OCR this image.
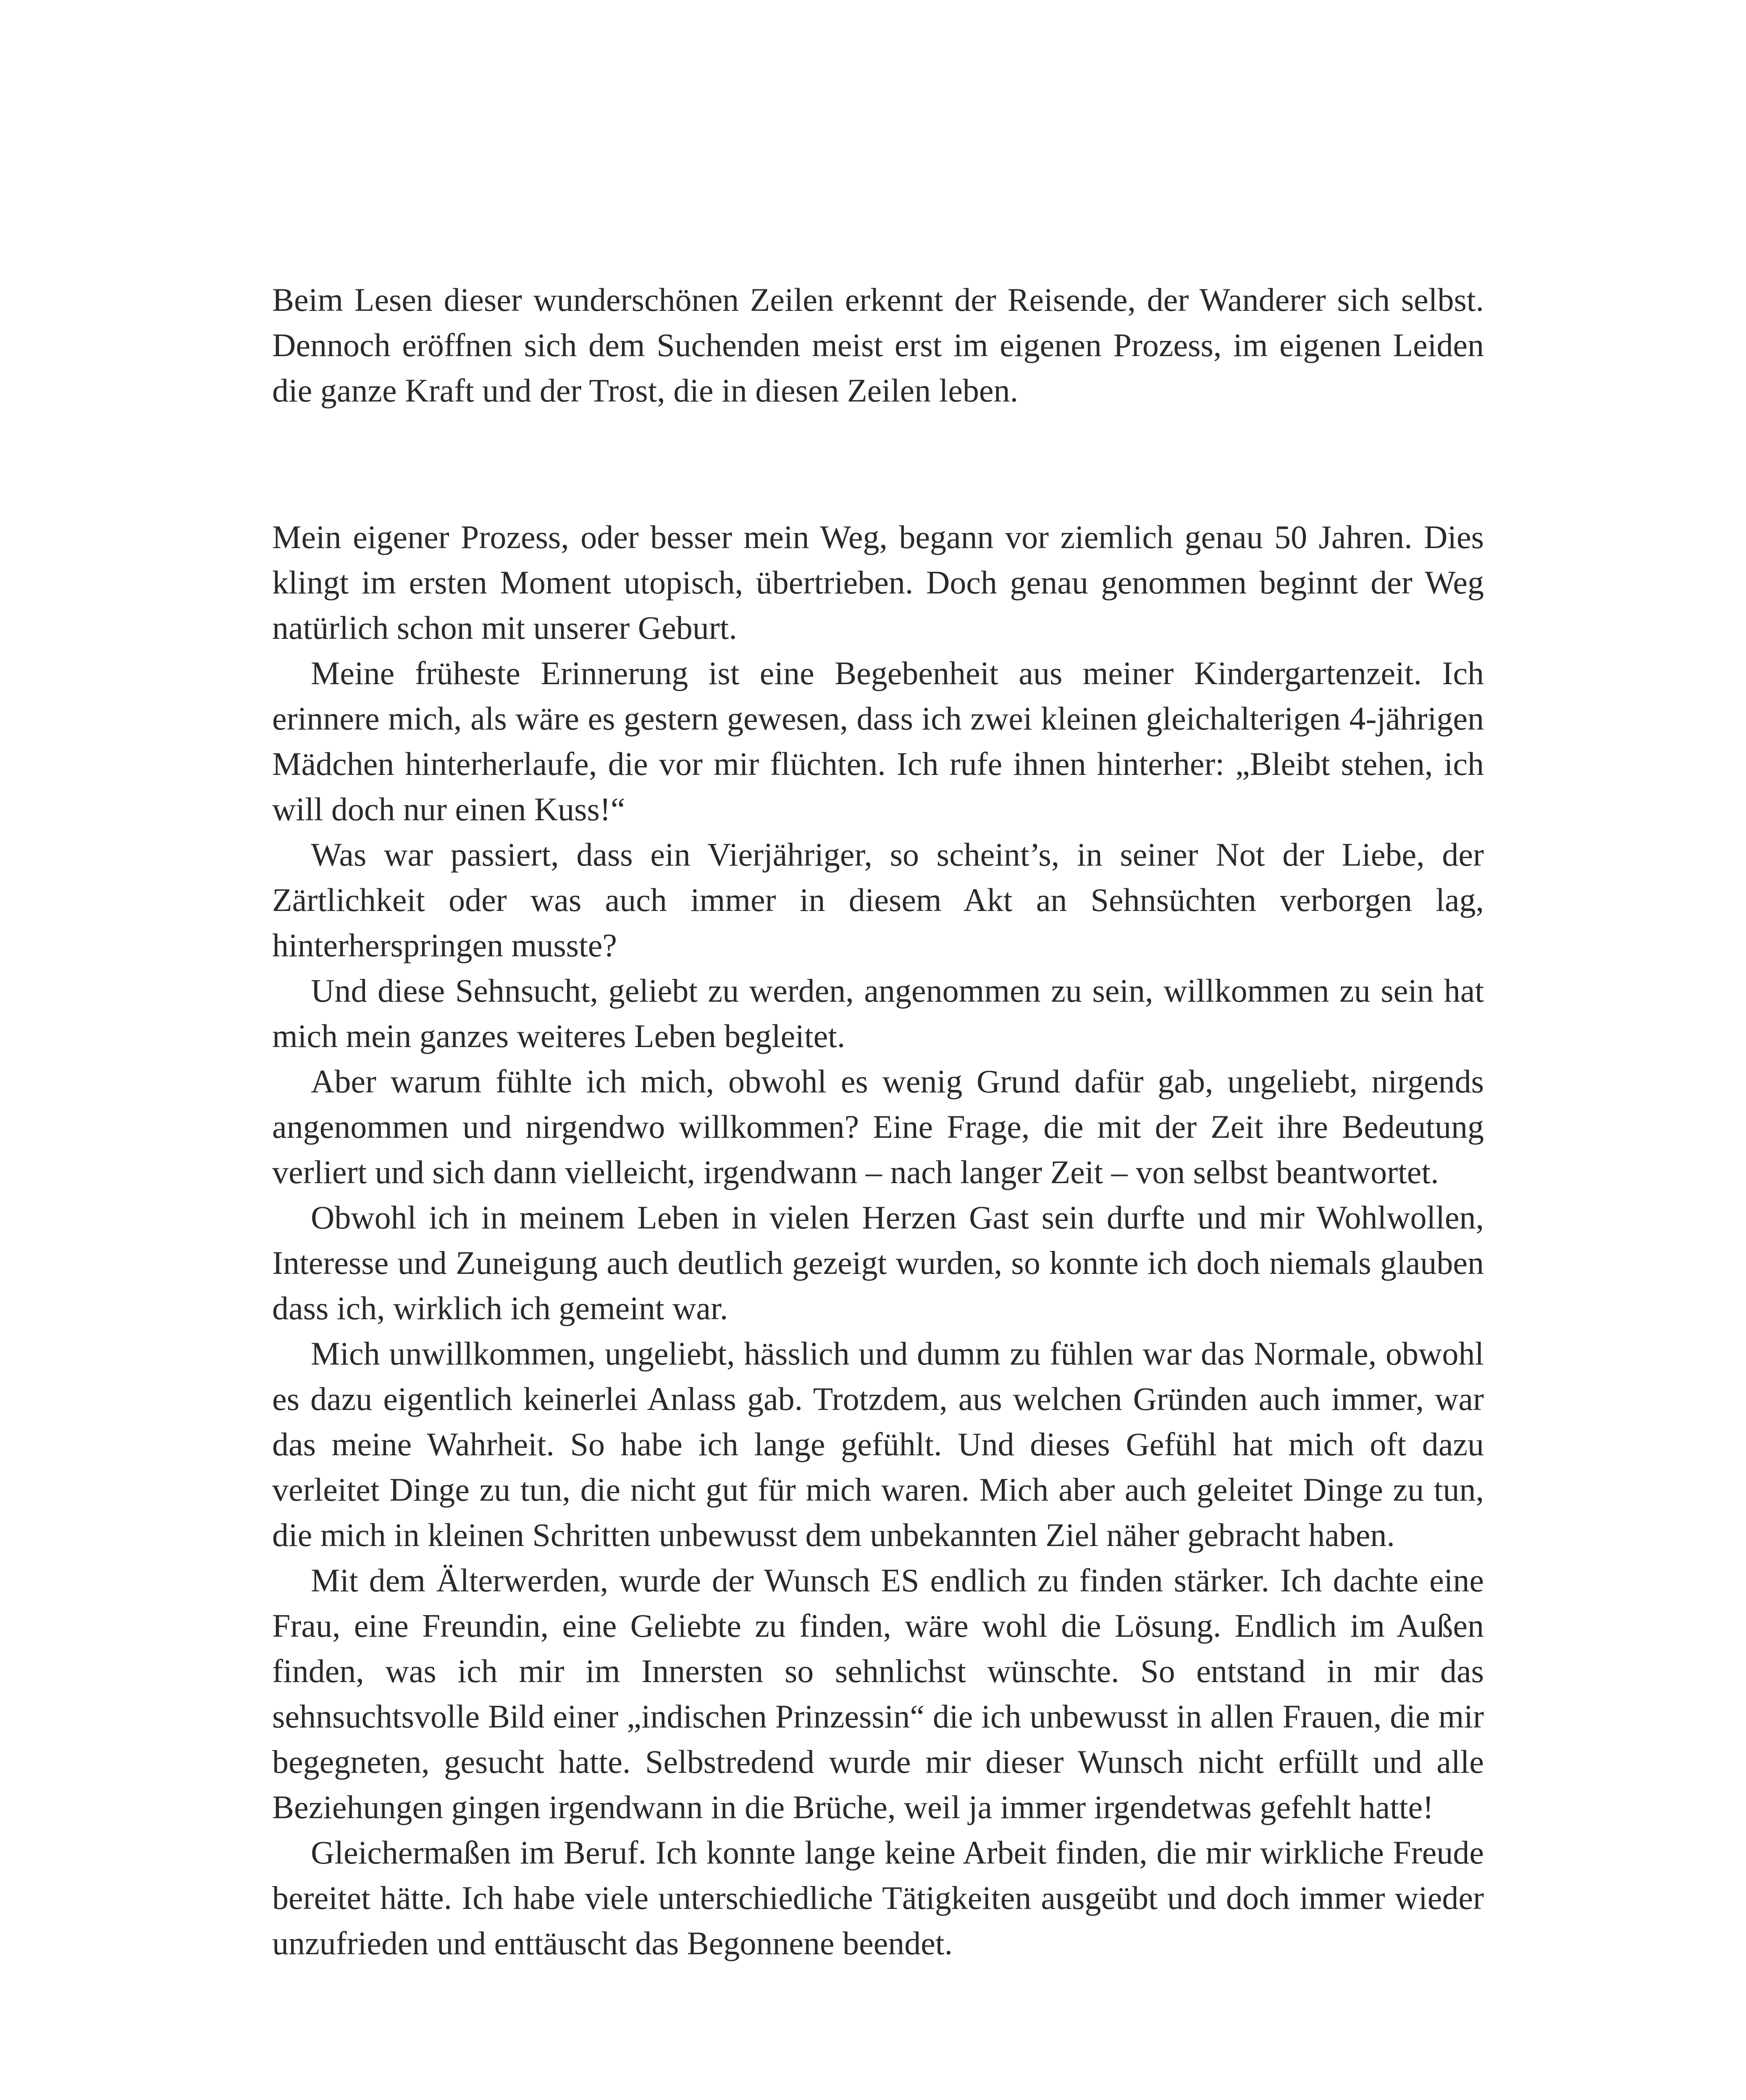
Beim Lesen dieser wunderschönen Zeilen erkennt der Reisende, der Wanderer sich selbst. Dennoch eröffnen sich dem Suchenden meist erst im eigenen Prozess, im eigenen Leiden die ganze Kraft und der Trost, die in diesen Zeilen leben.

Mein eigener Prozess, oder besser mein Weg, begann vor ziemlich genau 50 Jahren. Dies klingt im ersten Moment utopisch, übertrieben. Doch genau genommen beginnt der Weg natürlich schon mit unserer Geburt.

Meine früheste Erinnerung ist eine Begebenheit aus meiner Kindergartenzeit. Ich erinnere mich, als wäre es gestern gewesen, dass ich zwei kleinen gleichalterigen 4-jährigen Mädchen hinterherlaufe, die vor mir flüchten. Ich rufe ihnen hinterher: „Bleibt stehen, ich will doch nur einen Kuss!“

Was war passiert, dass ein Vierjähriger, so scheint’s, in seiner Not der Liebe, der Zärtlichkeit oder was auch immer in diesem Akt an Sehnsüchten verborgen lag, hinterherspringen musste?

Und diese Sehnsucht, geliebt zu werden, angenommen zu sein, willkommen zu sein hat mich mein ganzes weiteres Leben begleitet.

Aber warum fühlte ich mich, obwohl es wenig Grund dafür gab, ungeliebt, nirgends angenommen und nirgendwo willkommen? Eine Frage, die mit der Zeit ihre Bedeutung verliert und sich dann vielleicht, irgendwann – nach langer Zeit – von selbst beantwortet.

Obwohl ich in meinem Leben in vielen Herzen Gast sein durfte und mir Wohlwollen, Interesse und Zuneigung auch deutlich gezeigt wurden, so konnte ich doch niemals glauben dass ich, wirklich ich gemeint war.

Mich unwillkommen, ungeliebt, hässlich und dumm zu fühlen war das Normale, obwohl es dazu eigentlich keinerlei Anlass gab. Trotzdem, aus welchen Gründen auch immer, war das meine Wahrheit. So habe ich lange gefühlt. Und dieses Gefühl hat mich oft dazu verleitet Dinge zu tun, die nicht gut für mich waren. Mich aber auch geleitet Dinge zu tun, die mich in kleinen Schritten unbewusst dem unbekannten Ziel näher gebracht haben.

Mit dem Älterwerden, wurde der Wunsch ES endlich zu finden stärker. Ich dachte eine Frau, eine Freundin, eine Geliebte zu finden, wäre wohl die Lösung. Endlich im Außen finden, was ich mir im Innersten so sehnlichst wünschte. So entstand in mir das sehnsuchtsvolle Bild einer „indischen Prinzessin“ die ich unbewusst in allen Frauen, die mir begegneten, gesucht hatte. Selbstredend wurde mir dieser Wunsch nicht erfüllt und alle Beziehungen gingen irgendwann in die Brüche, weil ja immer irgendetwas gefehlt hatte!

Gleichermaßen im Beruf. Ich konnte lange keine Arbeit finden, die mir wirkliche Freude bereitet hätte. Ich habe viele unterschiedliche Tätigkeiten ausgeübt und doch immer wieder unzufrieden und enttäuscht das Begonnene beendet.
